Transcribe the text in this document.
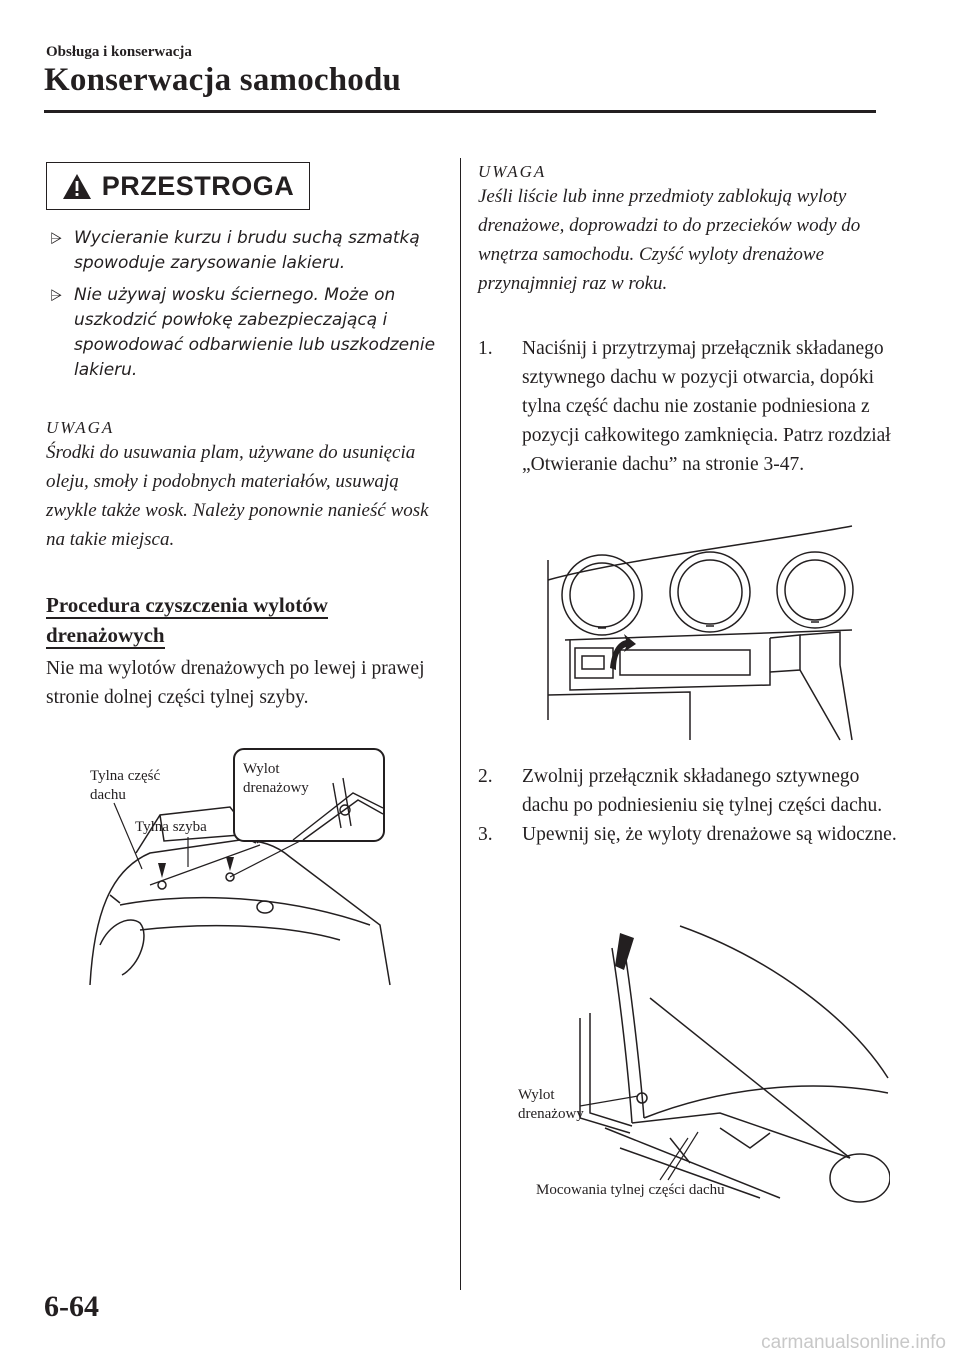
Obsługa i konserwacja
Konserwacja samochodu
PRZESTROGA
⩥ Wycieranie kurzu i brudu suchą szmatką spowoduje zarysowanie lakieru.
⩥ Nie używaj wosku ściernego. Może on uszkodzić powłokę zabezpieczającą i spowodować odbarwienie lub uszkodzenie lakieru.
UWAGA
Środki do usuwania plam, używane do usunięcia oleju, smoły i podobnych materiałów, usuwają zwykle także wosk. Należy ponownie nanieść wosk na takie miejsca.
Procedura czyszczenia wylotów
drenażowych
Nie ma wylotów drenażowych po lewej i prawej stronie dolnej części tylnej szyby.
Tylna część
dachu
Tylna szyba
Wylot
drenażowy
UWAGA
Jeśli liście lub inne przedmioty zablokują wyloty drenażowe, doprowadzi to do przecieków wody do wnętrza samochodu. Czyść wyloty drenażowe przynajmniej raz w roku.
1. Naciśnij i przytrzymaj przełącznik składanego sztywnego dachu w pozycji otwarcia, dopóki tylna część dachu nie zostanie podniesiona z pozycji całkowitego zamknięcia. Patrz rozdział „Otwieranie dachu” na stronie 3-47.
2. Zwolnij przełącznik składanego sztywnego dachu po podniesieniu się tylnej części dachu.
3. Upewnij się, że wyloty drenażowe są widoczne.
Wylot
drenażowy
Mocowania tylnej części dachu
6-64
carmanualsonline.info
